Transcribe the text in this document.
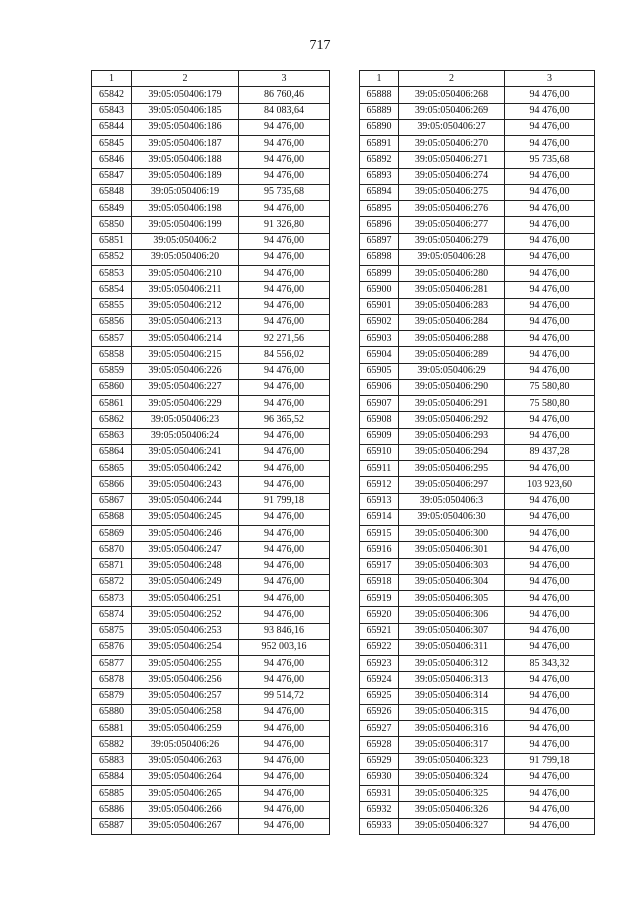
717
1	2	3
65842	39:05:050406:179	86 760,46
65843	39:05:050406:185	84 083,64
65844	39:05:050406:186	94 476,00
65845	39:05:050406:187	94 476,00
65846	39:05:050406:188	94 476,00
65847	39:05:050406:189	94 476,00
65848	39:05:050406:19	95 735,68
65849	39:05:050406:198	94 476,00
65850	39:05:050406:199	91 326,80
65851	39:05:050406:2	94 476,00
65852	39:05:050406:20	94 476,00
65853	39:05:050406:210	94 476,00
65854	39:05:050406:211	94 476,00
65855	39:05:050406:212	94 476,00
65856	39:05:050406:213	94 476,00
65857	39:05:050406:214	92 271,56
65858	39:05:050406:215	84 556,02
65859	39:05:050406:226	94 476,00
65860	39:05:050406:227	94 476,00
65861	39:05:050406:229	94 476,00
65862	39:05:050406:23	96 365,52
65863	39:05:050406:24	94 476,00
65864	39:05:050406:241	94 476,00
65865	39:05:050406:242	94 476,00
65866	39:05:050406:243	94 476,00
65867	39:05:050406:244	91 799,18
65868	39:05:050406:245	94 476,00
65869	39:05:050406:246	94 476,00
65870	39:05:050406:247	94 476,00
65871	39:05:050406:248	94 476,00
65872	39:05:050406:249	94 476,00
65873	39:05:050406:251	94 476,00
65874	39:05:050406:252	94 476,00
65875	39:05:050406:253	93 846,16
65876	39:05:050406:254	952 003,16
65877	39:05:050406:255	94 476,00
65878	39:05:050406:256	94 476,00
65879	39:05:050406:257	99 514,72
65880	39:05:050406:258	94 476,00
65881	39:05:050406:259	94 476,00
65882	39:05:050406:26	94 476,00
65883	39:05:050406:263	94 476,00
65884	39:05:050406:264	94 476,00
65885	39:05:050406:265	94 476,00
65886	39:05:050406:266	94 476,00
65887	39:05:050406:267	94 476,00
1	2	3
65888	39:05:050406:268	94 476,00
65889	39:05:050406:269	94 476,00
65890	39:05:050406:27	94 476,00
65891	39:05:050406:270	94 476,00
65892	39:05:050406:271	95 735,68
65893	39:05:050406:274	94 476,00
65894	39:05:050406:275	94 476,00
65895	39:05:050406:276	94 476,00
65896	39:05:050406:277	94 476,00
65897	39:05:050406:279	94 476,00
65898	39:05:050406:28	94 476,00
65899	39:05:050406:280	94 476,00
65900	39:05:050406:281	94 476,00
65901	39:05:050406:283	94 476,00
65902	39:05:050406:284	94 476,00
65903	39:05:050406:288	94 476,00
65904	39:05:050406:289	94 476,00
65905	39:05:050406:29	94 476,00
65906	39:05:050406:290	75 580,80
65907	39:05:050406:291	75 580,80
65908	39:05:050406:292	94 476,00
65909	39:05:050406:293	94 476,00
65910	39:05:050406:294	89 437,28
65911	39:05:050406:295	94 476,00
65912	39:05:050406:297	103 923,60
65913	39:05:050406:3	94 476,00
65914	39:05:050406:30	94 476,00
65915	39:05:050406:300	94 476,00
65916	39:05:050406:301	94 476,00
65917	39:05:050406:303	94 476,00
65918	39:05:050406:304	94 476,00
65919	39:05:050406:305	94 476,00
65920	39:05:050406:306	94 476,00
65921	39:05:050406:307	94 476,00
65922	39:05:050406:311	94 476,00
65923	39:05:050406:312	85 343,32
65924	39:05:050406:313	94 476,00
65925	39:05:050406:314	94 476,00
65926	39:05:050406:315	94 476,00
65927	39:05:050406:316	94 476,00
65928	39:05:050406:317	94 476,00
65929	39:05:050406:323	91 799,18
65930	39:05:050406:324	94 476,00
65931	39:05:050406:325	94 476,00
65932	39:05:050406:326	94 476,00
65933	39:05:050406:327	94 476,00
